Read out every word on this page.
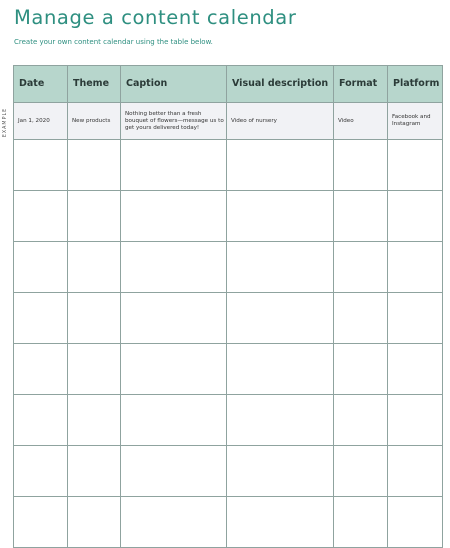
Manage a content calendar
Create your own content calendar using the table below.
EXAMPLE
Date	Theme	Caption	Visual description	Format	Platform
Jan 1, 2020	New products	Nothing better than a fresh bouquet of flowers—message us to get yours delivered today!	Video of nursery	Video	Facebook and Instagram
